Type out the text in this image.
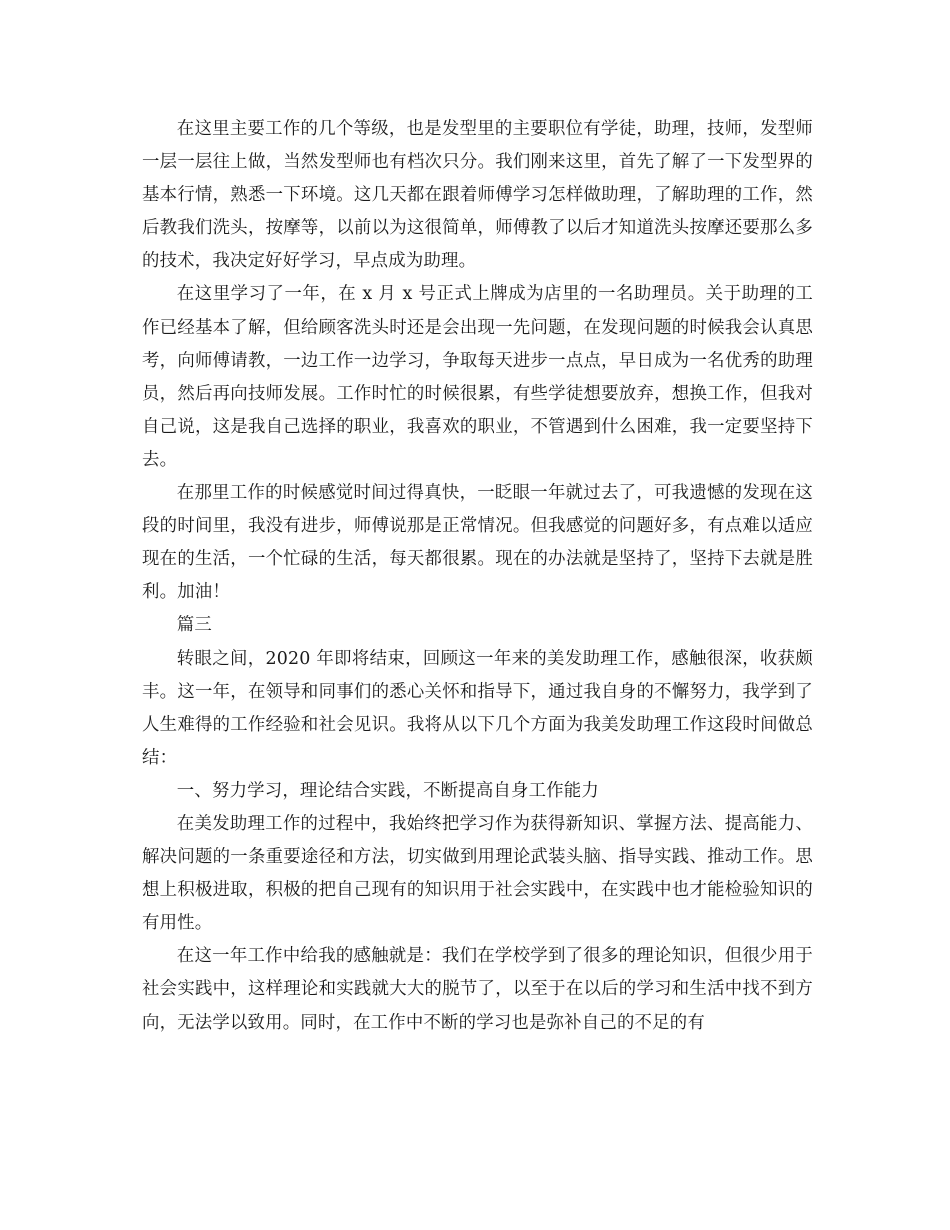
在这里主要工作的几个等级，也是发型里的主要职位有学徒，助理，技师，发型师一层一层往上做，当然发型师也有档次只分。我们刚来这里，首先了解了一下发型界的基本行情，熟悉一下环境。这几天都在跟着师傅学习怎样做助理，了解助理的工作，然后教我们洗头，按摩等，以前以为这很简单，师傅教了以后才知道洗头按摩还要那么多的技术，我决定好好学习，早点成为助理。

在这里学习了一年，在 x 月 x 号正式上牌成为店里的一名助理员。关于助理的工作已经基本了解，但给顾客洗头时还是会出现一先问题，在发现问题的时候我会认真思考，向师傅请教，一边工作一边学习，争取每天进步一点点，早日成为一名优秀的助理员，然后再向技师发展。工作时忙的时候很累，有些学徒想要放弃，想换工作，但我对自己说，这是我自己选择的职业，我喜欢的职业，不管遇到什么困难，我一定要坚持下去。

在那里工作的时候感觉时间过得真快，一眨眼一年就过去了，可我遗憾的发现在这段的时间里，我没有进步，师傅说那是正常情况。但我感觉的问题好多，有点难以适应现在的生活，一个忙碌的生活，每天都很累。现在的办法就是坚持了，坚持下去就是胜利。加油！

篇三

转眼之间，2020 年即将结束，回顾这一年来的美发助理工作，感触很深，收获颇丰。这一年，在领导和同事们的悉心关怀和指导下，通过我自身的不懈努力，我学到了人生难得的工作经验和社会见识。我将从以下几个方面为我美发助理工作这段时间做总结：

一、努力学习，理论结合实践，不断提高自身工作能力

在美发助理工作的过程中，我始终把学习作为获得新知识、掌握方法、提高能力、解决问题的一条重要途径和方法，切实做到用理论武装头脑、指导实践、推动工作。思想上积极进取，积极的把自己现有的知识用于社会实践中，在实践中也才能检验知识的有用性。

在这一年工作中给我的感触就是：我们在学校学到了很多的理论知识，但很少用于社会实践中，这样理论和实践就大大的脱节了，以至于在以后的学习和生活中找不到方向，无法学以致用。同时，在工作中不断的学习也是弥补自己的不足的有
